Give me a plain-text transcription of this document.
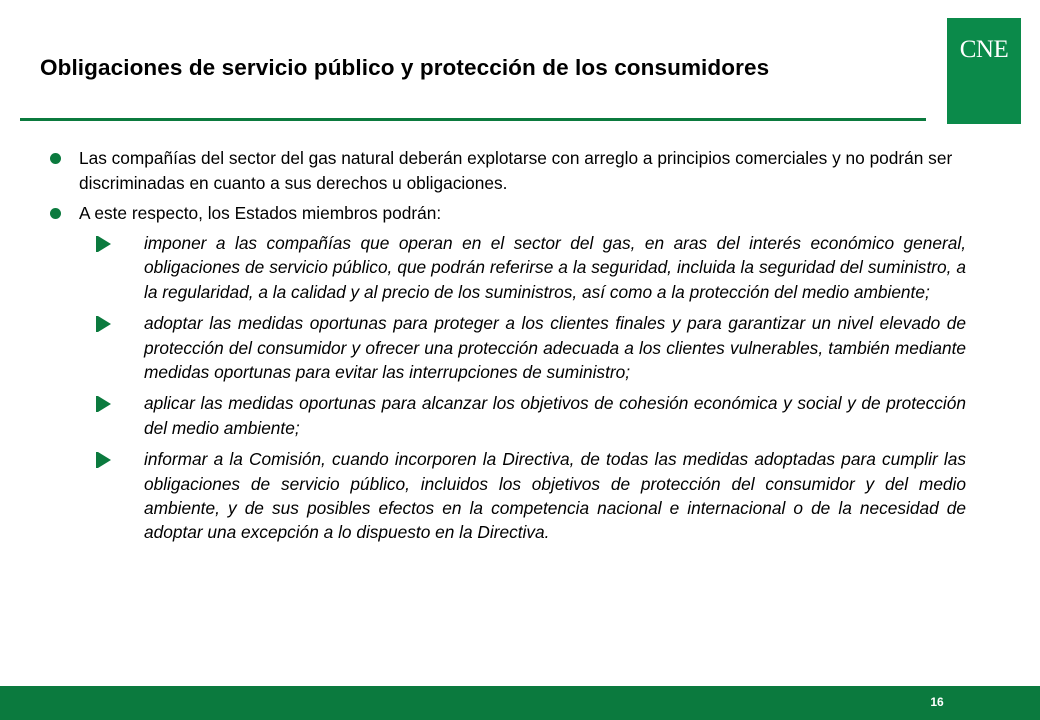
Obligaciones de servicio público y protección de los consumidores
CNE
Las compañías del sector del gas natural deberán explotarse con arreglo a principios comerciales y no podrán ser discriminadas en cuanto a sus derechos u obligaciones.
A este respecto, los Estados miembros podrán:
imponer a las compañías que operan en el sector del gas, en aras del interés económico general, obligaciones de servicio público, que podrán referirse a la seguridad, incluida la seguridad del suministro, a la regularidad, a la calidad y al precio de los suministros, así como a la protección del medio ambiente;
adoptar las medidas oportunas para proteger a los clientes finales y para garantizar un nivel elevado de protección del consumidor y ofrecer una protección adecuada a los clientes vulnerables, también mediante medidas oportunas para evitar las interrupciones de suministro;
aplicar las medidas oportunas para alcanzar los objetivos de cohesión económica y social y de protección del medio ambiente;
informar a la Comisión, cuando incorporen la Directiva, de todas las medidas adoptadas para cumplir las obligaciones de servicio público, incluidos los objetivos de protección del consumidor y del medio ambiente, y de sus posibles efectos en la competencia nacional e internacional o de la necesidad de adoptar una excepción a lo dispuesto en la Directiva.
16
